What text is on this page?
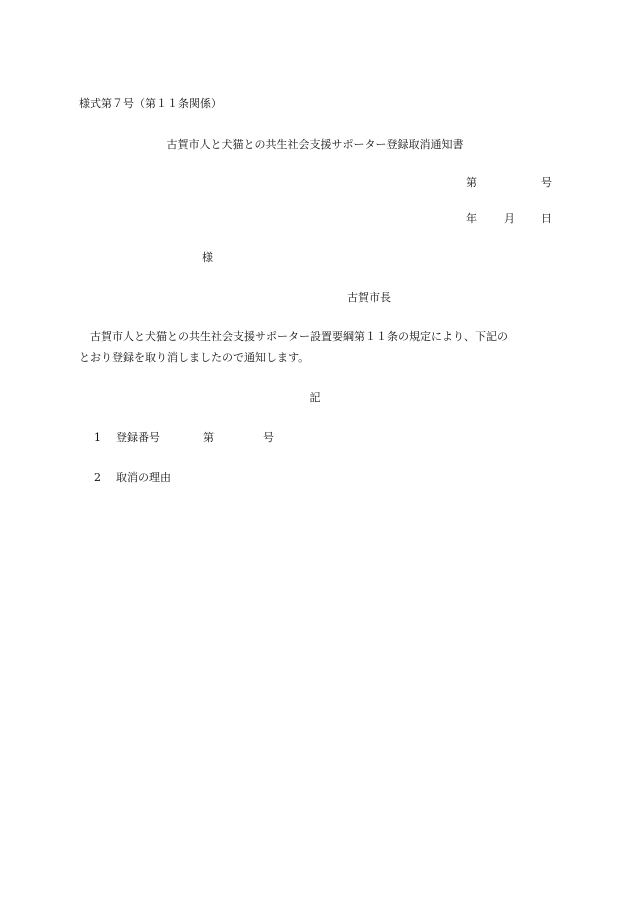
様式第７号（第１１条関係）
古賀市人と犬猫との共生社会支援サポーター登録取消通知書
第	号
年 月 日
様
古賀市長
古賀市人と犬猫との共生社会支援サポーター設置要綱第１１条の規定により、下記の
とおり登録を取り消しましたので通知します。
記
1 登録番号	第	号
2 取消の理由
